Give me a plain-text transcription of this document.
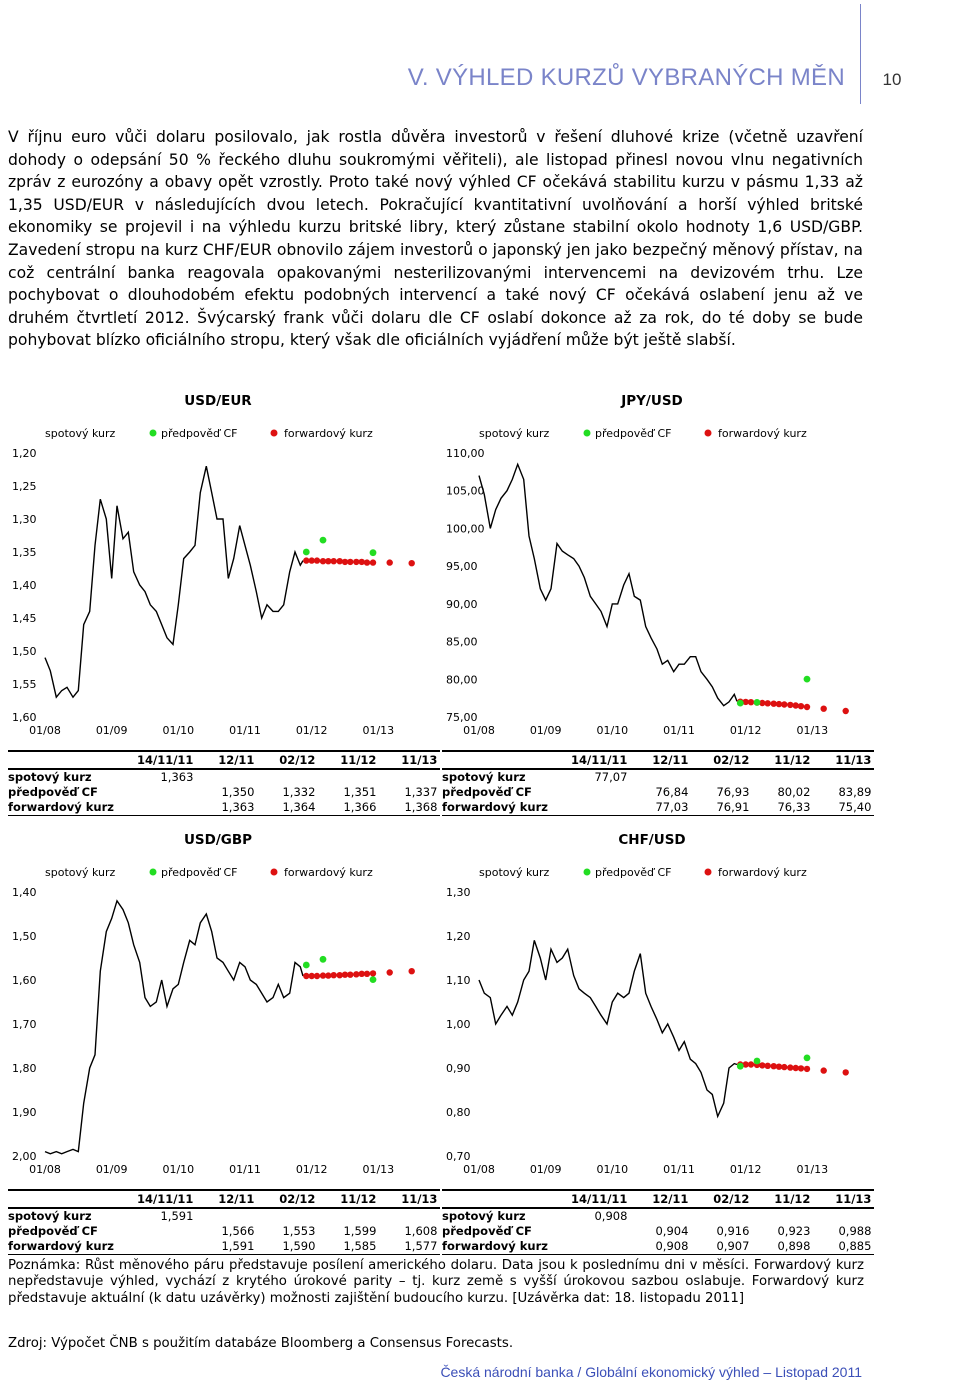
V. VÝHLED KURZŮ VYBRANÝCH MĚN	10

V říjnu euro vůči dolaru posilovalo, jak rostla důvěra investorů v řešení dluhové krize (včetně uzavření dohody o odepsání 50 % řeckého dluhu soukromými věřiteli), ale listopad přinesl novou vlnu negativních zpráv z eurozóny a obavy opět vzrostly. Proto také nový výhled CF očekává stabilitu kurzu v pásmu 1,33 až 1,35 USD/EUR v následujících dvou letech. Pokračující kvantitativní uvolňování a horší výhled britské ekonomiky se projevil i na výhledu kurzu britské libry, který zůstane stabilní okolo hodnoty 1,6 USD/GBP. Zavedení stropu na kurz CHF/EUR obnovilo zájem investorů o japonský jen jako bezpečný měnový přístav, na což centrální banka reagovala opakovanými nesterilizovanými intervencemi na devizovém trhu. Lze pochybovat o dlouhodobém efektu podobných intervencí a také nový CF očekává oslabení jenu až ve druhém čtvrtletí 2012. Švýcarský frank vůči dolaru dle CF oslabí dokonce až za rok, do té doby se bude pohybovat blízko oficiálního stropu, který však dle oficiálních vyjádření může být ještě slabší.

USD/EUR
spotový kurz	předpověď CF	forwardový kurz
1,20
1,25
1,30
1,35
1,40
1,45
1,50
1,55
1,60
01/08	01/09	01/10	01/11	01/12	01/13
	14/11/11	12/11	02/12	11/12	11/13
spotový kurz	1,363				
předpověď CF		1,350	1,332	1,351	1,337
forwardový kurz		1,363	1,364	1,366	1,368
JPY/USD
spotový kurz	předpověď CF	forwardový kurz
110,00
105,00
100,00
95,00
90,00
85,00
80,00
75,00
01/08	01/09	01/10	01/11	01/12	01/13
	14/11/11	12/11	02/12	11/12	11/13
spotový kurz	77,07				
předpověď CF		76,84	76,93	80,02	83,89
forwardový kurz		77,03	76,91	76,33	75,40
USD/GBP
spotový kurz	předpověď CF	forwardový kurz
1,40
1,50
1,60
1,70
1,80
1,90
2,00
01/08	01/09	01/10	01/11	01/12	01/13
	14/11/11	12/11	02/12	11/12	11/13
spotový kurz	1,591				
předpověď CF		1,566	1,553	1,599	1,608
forwardový kurz		1,591	1,590	1,585	1,577
CHF/USD
spotový kurz	předpověď CF	forwardový kurz
1,30
1,20
1,10
1,00
0,90
0,80
0,70
01/08	01/09	01/10	01/11	01/12	01/13
	14/11/11	12/11	02/12	11/12	11/13
spotový kurz	0,908				
předpověď CF		0,904	0,916	0,923	0,988
forwardový kurz		0,908	0,907	0,898	0,885

Poznámka: Růst měnového páru představuje posílení amerického dolaru. Data jsou k poslednímu dni v měsíci. Forwardový kurz nepředstavuje výhled, vychází z krytého úrokové parity – tj. kurz země s vyšší úrokovou sazbou oslabuje. Forwardový kurz představuje aktuální (k datu uzávěrky) možnosti zajištění budoucího kurzu. [Uzávěrka dat: 18. listopadu 2011]

Zdroj: Výpočet ČNB s použitím databáze Bloomberg a Consensus Forecasts.
Česká národní banka / Globální ekonomický výhled – Listopad 2011
